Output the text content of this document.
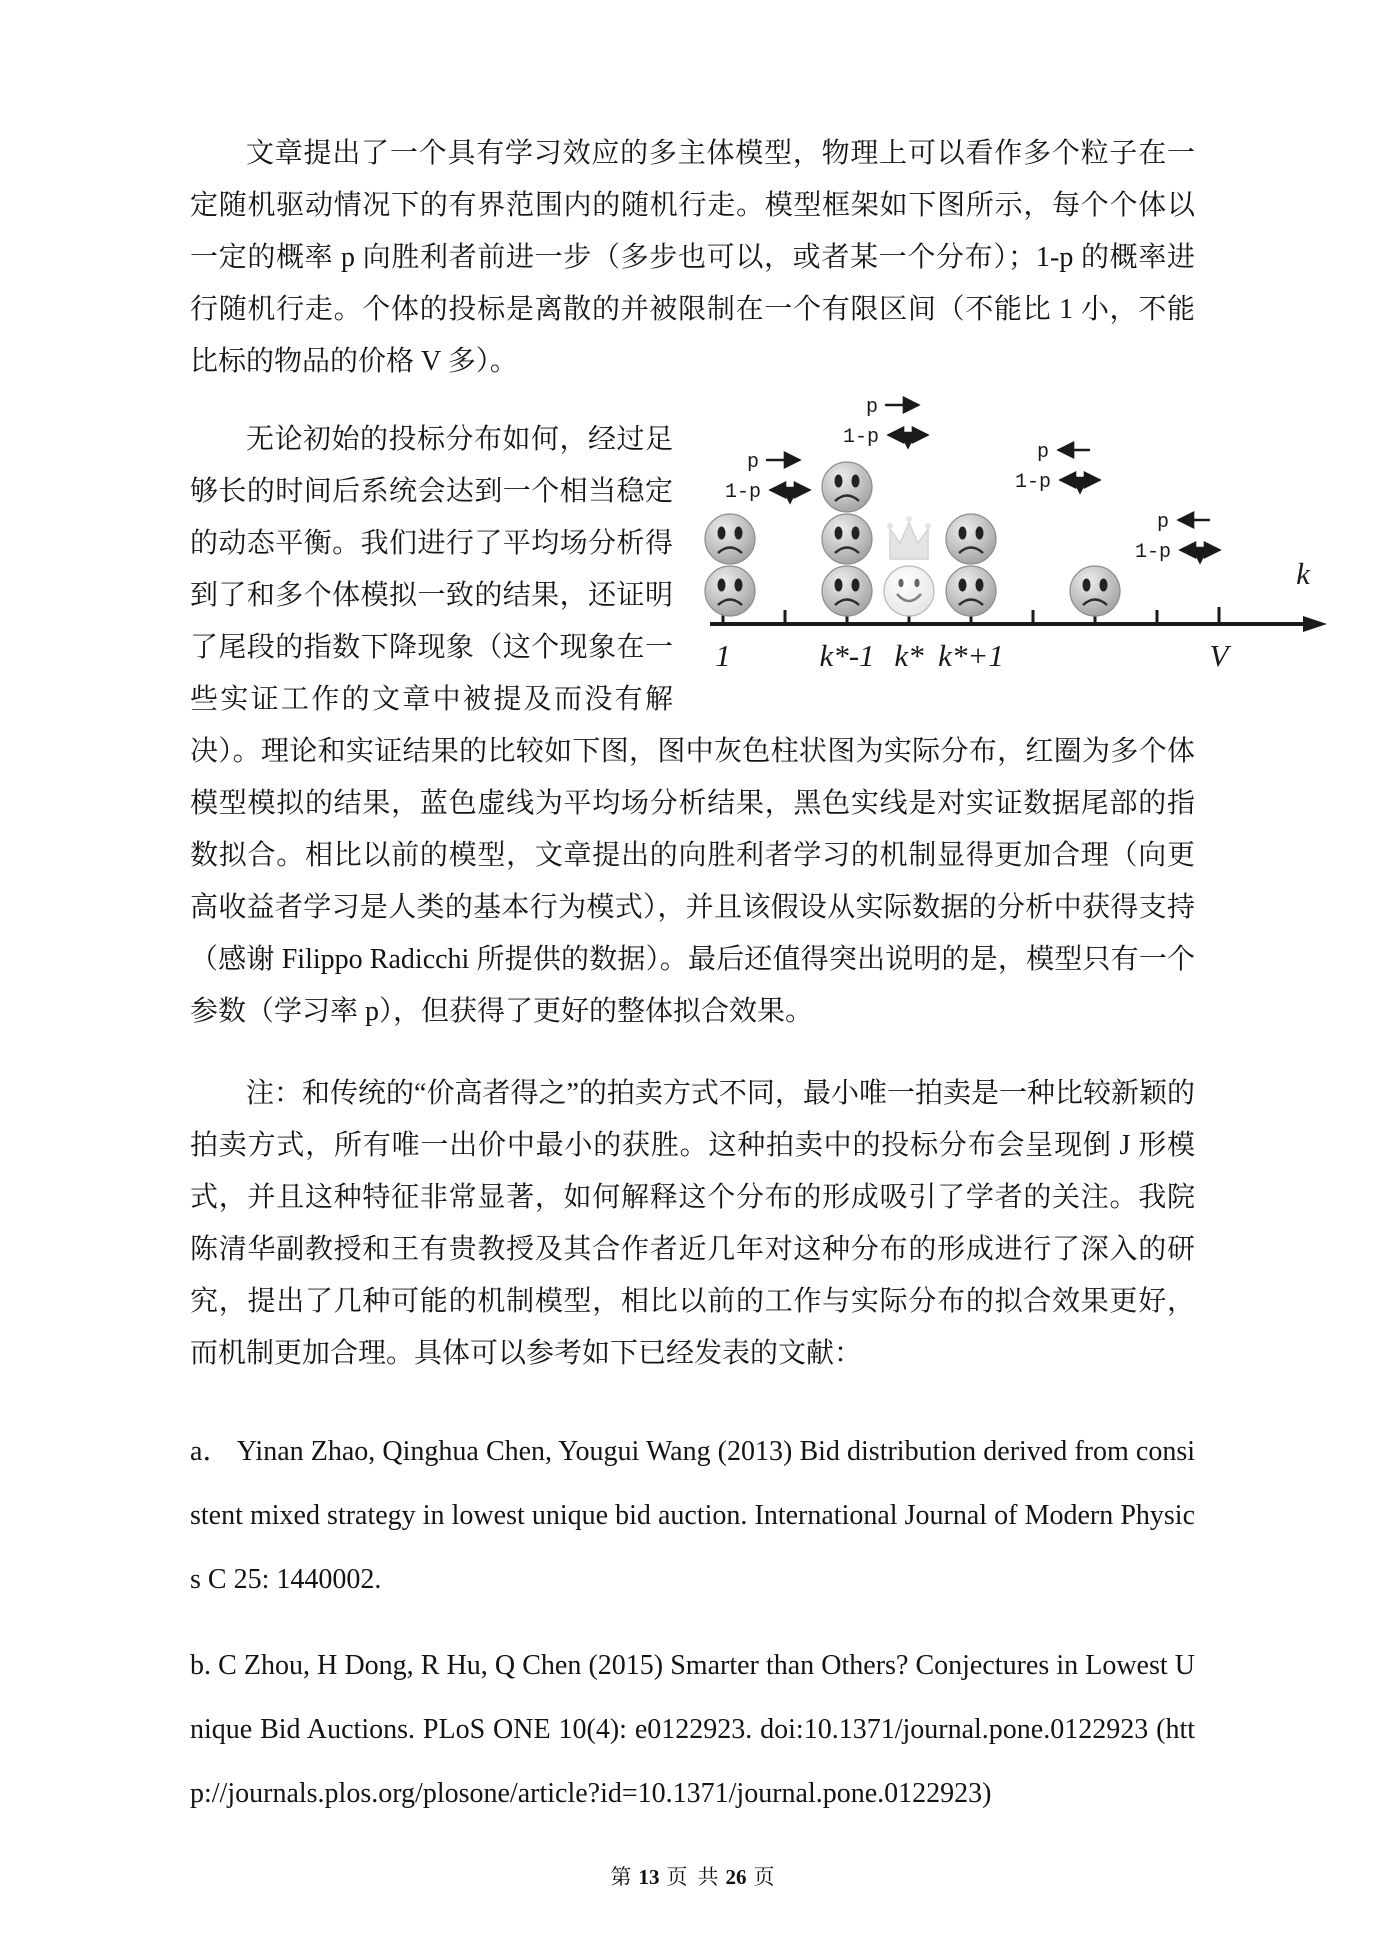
文章提出了一个具有学习效应的多主体模型，物理上可以看作多个粒子在一定随机驱动情况下的有界范围内的随机行走。模型框架如下图所示，每个个体以一定的概率 p 向胜利者前进一步（多步也可以，或者某一个分布）；1-p 的概率进行随机行走。个体的投标是离散的并被限制在一个有限区间（不能比 1 小，不能比标的物品的价格 V 多）。

1	k*-1 k* k*+1	V
k
p
1-p
p
1-p
p
1-p
p
1-p
无论初始的投标分布如何，经过足够长的时间后系统会达到一个相当稳定的动态平衡。我们进行了平均场分析得到了和多个体模拟一致的结果，还证明了尾段的指数下降现象（这个现象在一些实证工作的文章中被提及而没有解决）。理论和实证结果的比较如下图，图中灰色柱状图为实际分布，红圈为多个体模型模拟的结果，蓝色虚线为平均场分析结果，黑色实线是对实证数据尾部的指数拟合。相比以前的模型，文章提出的向胜利者学习的机制显得更加合理（向更高收益者学习是人类的基本行为模式），并且该假设从实际数据的分析中获得支持（感谢 Filippo Radicchi 所提供的数据）。最后还值得突出说明的是，模型只有一个参数（学习率 p），但获得了更好的整体拟合效果。

注：和传统的“价高者得之”的拍卖方式不同，最小唯一拍卖是一种比较新颖的拍卖方式，所有唯一出价中最小的获胜。这种拍卖中的投标分布会呈现倒 J 形模式，并且这种特征非常显著，如何解释这个分布的形成吸引了学者的关注。我院陈清华副教授和王有贵教授及其合作者近几年对这种分布的形成进行了深入的研究，提出了几种可能的机制模型，相比以前的工作与实际分布的拟合效果更好，而机制更加合理。具体可以参考如下已经发表的文献：

a． Yinan Zhao, Qinghua Chen, Yougui Wang (2013) Bid distribution derived from consistent mixed strategy in lowest unique bid auction. International Journal of Modern Physics C 25: 1440002.

b. C Zhou, H Dong, R Hu, Q Chen (2015) Smarter than Others? Conjectures in Lowest Unique Bid Auctions. PLoS ONE 10(4): e0122923. doi:10.1371/journal.pone.0122923 (http://journals.plos.org/plosone/article?id=10.1371/journal.pone.0122923)

第 13 页 共 26 页
